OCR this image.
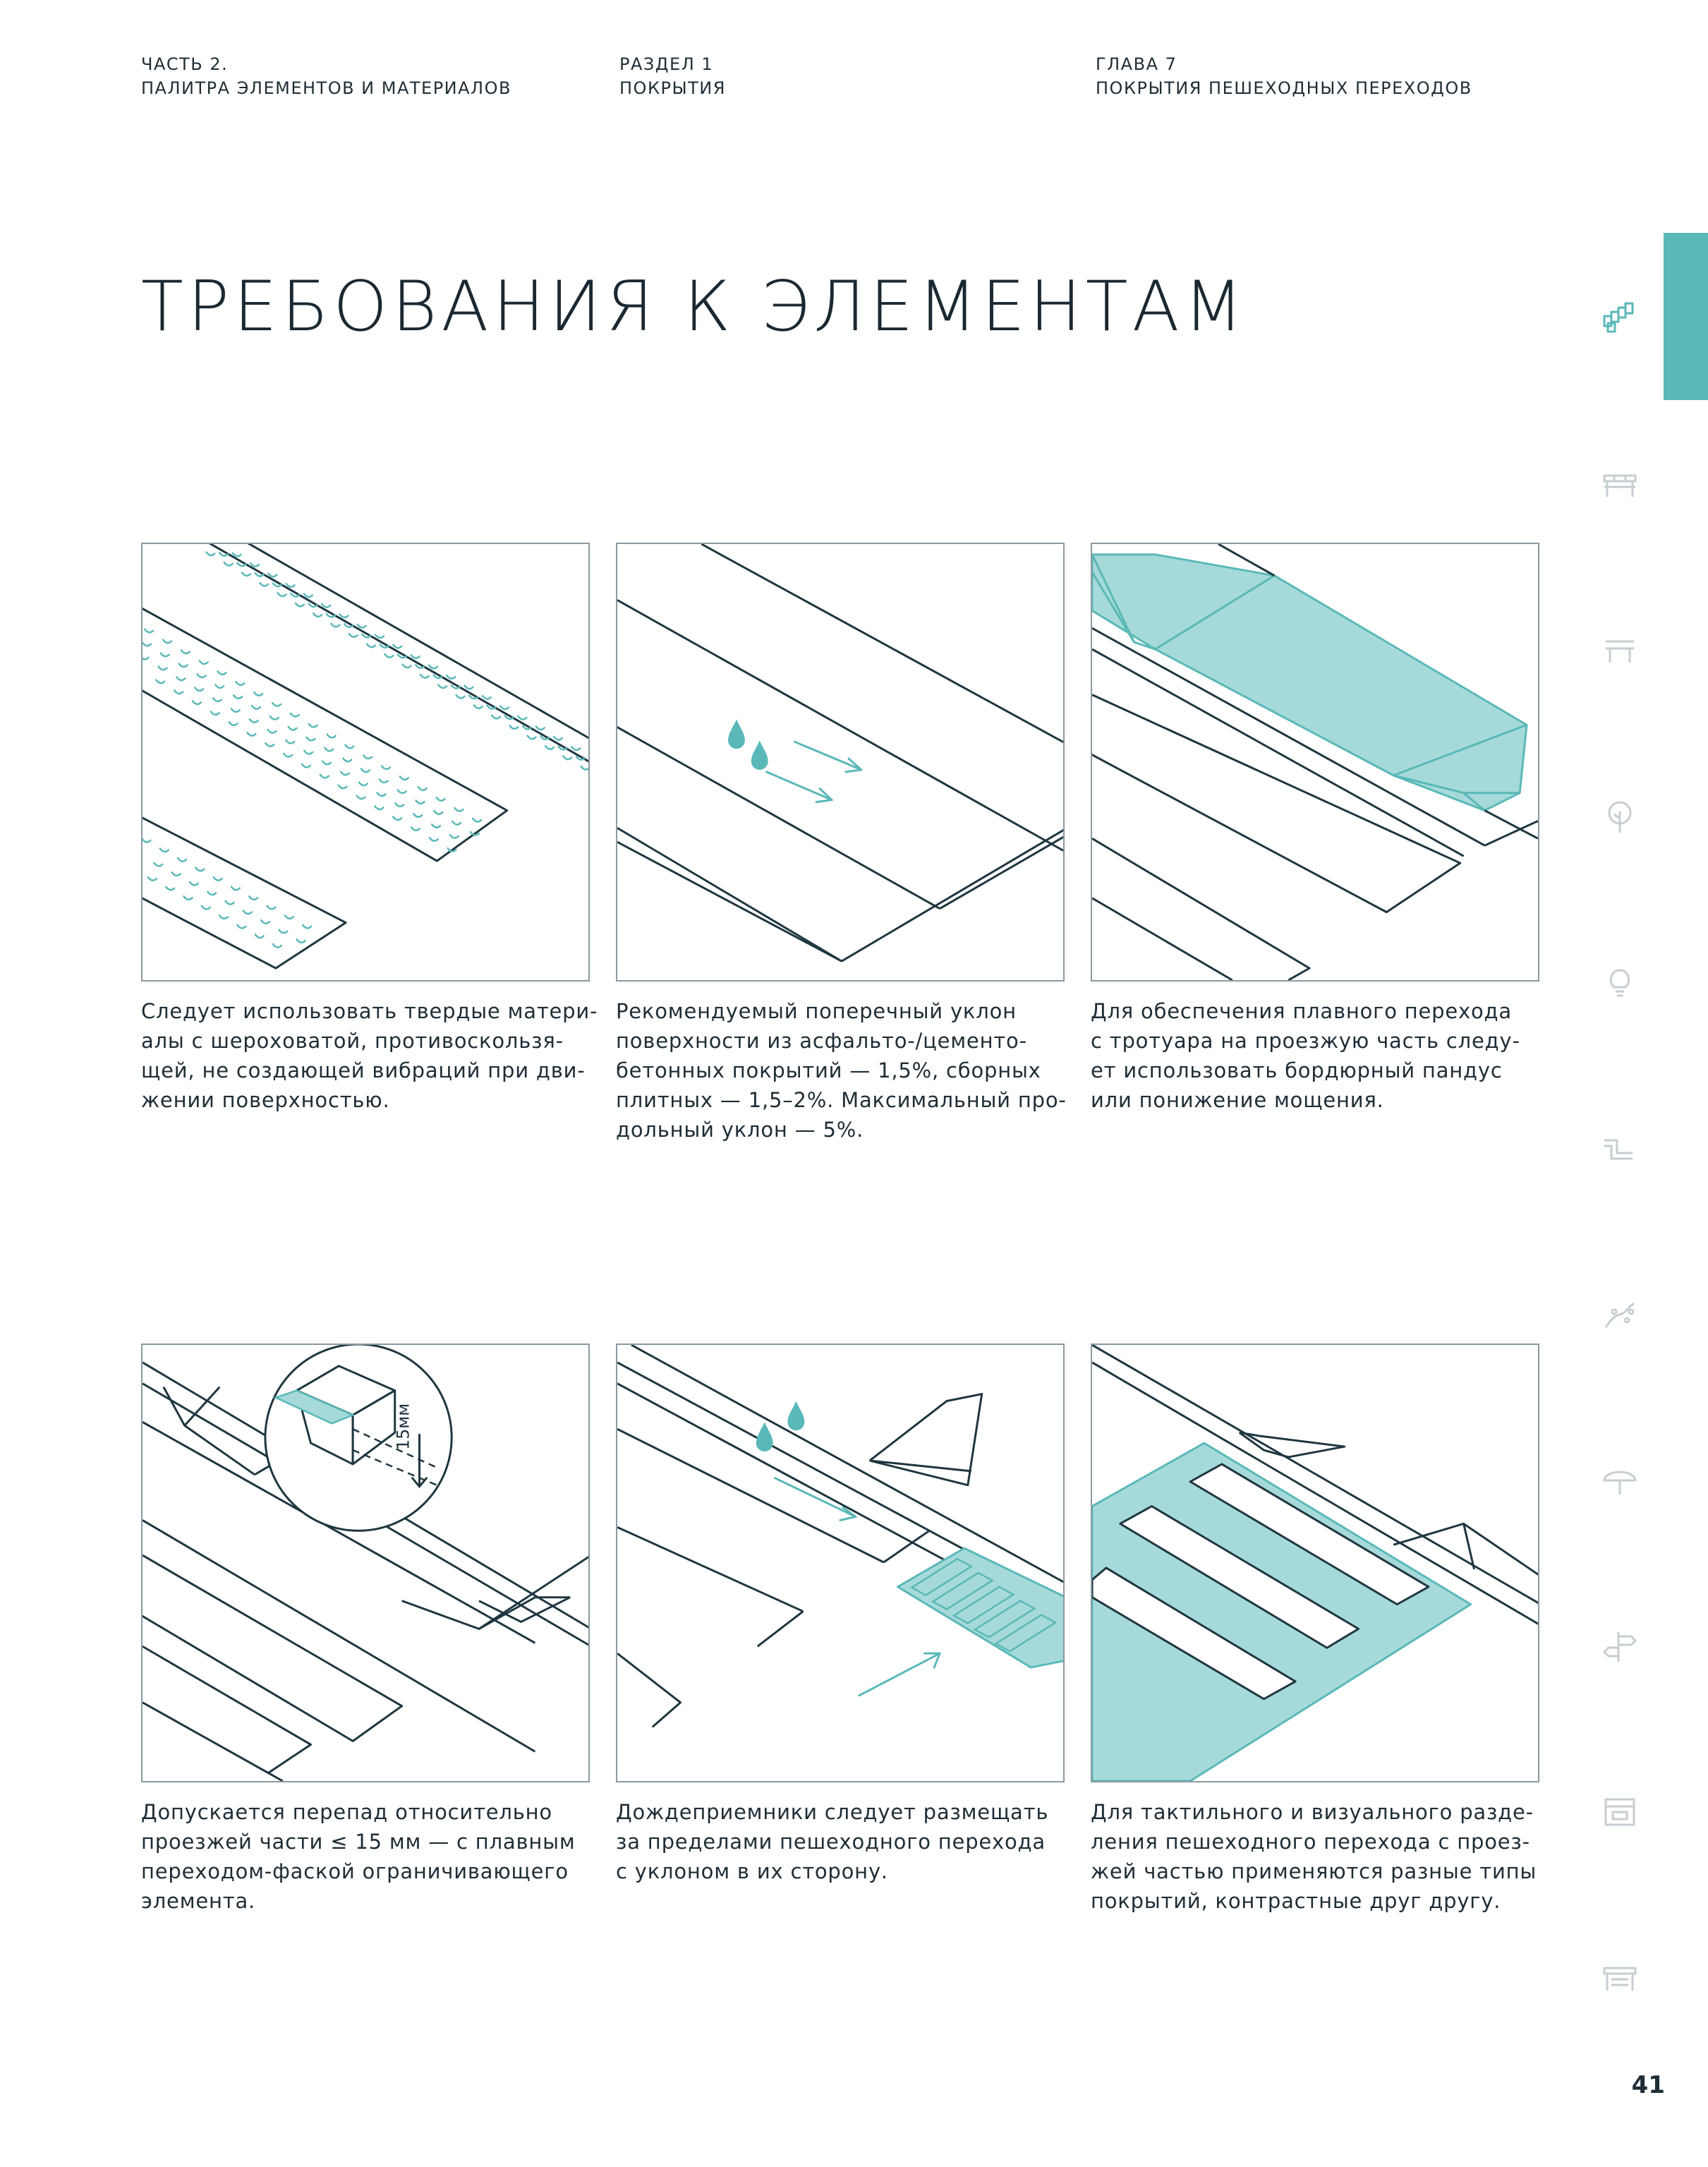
ЧАСТЬ 2.
ПАЛИТРА ЭЛЕМЕНТОВ И МАТЕРИАЛОВ
РАЗДЕЛ 1
ПОКРЫТИЯ
ГЛАВА 7
ПОКРЫТИЯ ПЕШЕХОДНЫХ ПЕРЕХОДОВ
ТРЕБОВАНИЯ К ЭЛЕМЕНТАМ
15мм
Следует использовать твердые матери-
алы с шероховатой, противоскользя-
щей, не создающей вибраций при дви-
жении поверхностью.
Рекомендуемый поперечный уклон
поверхности из асфальто-/цементо-
бетонных покрытий — 1,5%, сборных
плитных — 1,5–2%. Максимальный про-
дольный уклон — 5%.
Для обеспечения плавного перехода
с тротуара на проезжую часть следу-
ет использовать бордюрный пандус
или понижение мощения.
Допускается перепад относительно
проезжей части ≤ 15 мм — с плавным
переходом-фаской ограничивающего
элемента.
Дождеприемники следует размещать
за пределами пешеходного перехода
с уклоном в их сторону.
Для тактильного и визуального разде-
ления пешеходного перехода с проез-
жей частью применяются разные типы
покрытий, контрастные друг другу.
41
